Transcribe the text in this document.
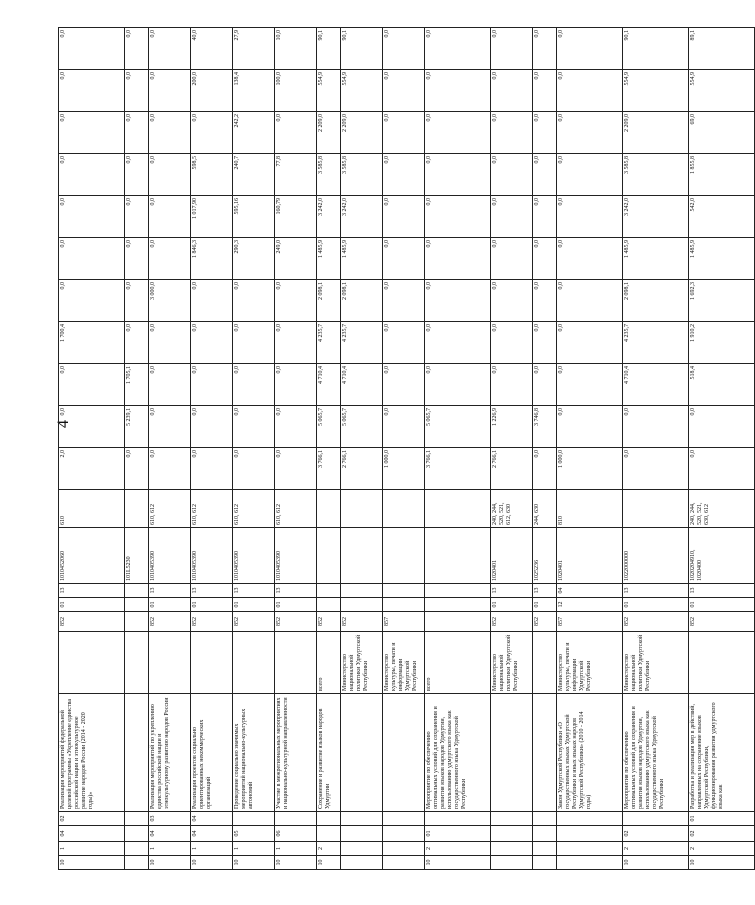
4
10	1	04	02	Реализация мероприятий федеральной целевой программы «Укрепление единства российской нации и этнокультурное развитие народов России (2014 - 2020 годы)»		852	01	13	1010452060	610	2,0	0,0	0,0	1 700,4	0,0	0,0	0,0	0,0	0,0	0,0	0,0
									101L5230		0,0	5 239,1	1 705,1	0,0	0,0	0,0	0,0	0,0	0,0	0,0	0,0
10	1	04	03	Реализация мероприятий по укреплению единства российской нации и этнокультурному развитию народов России		852	01	13	1010405390	610, 612	0,0	0,0	0,0	0,0	3 000,0	0,0	0,0	0,0	0,0	0,0	0,0
10	1	04	04	Реализация проектов социально ориентированных некоммерческих организаций		852	01	13	1010405390	610, 612	0,0	0,0	0,0	0,0	0,0	1 846,3	1 017,90	598,5	0,0	200,0	40,0
10	1	05		Проведение социально значимых мероприятий национально-культурных автономий		852	01	13	1010405390	610, 612	0,0	0,0	0,0	0,0	0,0	290,3	595,16	240,7	242,2	138,4	27,9
10	1	06		Участие в межрегиональных мероприятиях и национально-культурной направленности		852	01	13	1010405390	610, 612	0,0	0,0	0,0	0,0	0,0	249,0	160,79	77,8	0,0	100,0	10,0
10	2			Сохранение и развитие языков народов Удмуртии	всего	852					3 766,1	5 065,7	4 710,4	4 235,7	2 098,1	1 485,9	3 242,0	3 585,8	2 209,0	554,9	90,1
					Министерство национальной политики Удмуртской Республики	852					2 766,1	5 065,7	4 710,4	4 235,7	2 098,1	1 485,9	3 242,0	3 585,8	2 209,0	554,9	90,1
					Министерство культуры, печати и информации Удмуртской Республики	857					1 000,0	0,0	0,0	0,0	0,0	0,0	0,0	0,0	0,0	0,0	0,0
10	2	01		Мероприятие по обеспечению оптимальных условий для сохранения и развития языков народов Удмуртии, использованию удмуртского языка как государственного языка Удмуртской Республики	всего						3 766,1	5 065,7	0,0	0,0	0,0	0,0	0,0	0,0	0,0	0,0	0,0
					Министерство национальной политики Удмуртской Республики	852	01	13	1020401	240, 244, 520, 521, 612, 630	2 766,1	1 226,9	0,0	0,0	0,0	0,0	0,0	0,0	0,0	0,0	0,0
						852	01	13	1025236	244, 630	0,0	3 746,8	0,0	0,0	0,0	0,0	0,0	0,0	0,0	0,0	0,0
				Закон Удмуртской Республики «О государственных языках Удмуртской Республики и иных языках народов Удмуртской Республики» (2010 - 2014 годы)	Министерство культуры, печати и информации Удмуртской Республики	857	12	04	1020401	810	1 000,0	0,0	0,0	0,0	0,0	0,0	0,0	0,0	0,0	0,0	0,0
10	2	02		Мероприятия по обеспечению оптимальных условий для сохранения и развития языков народов Удмуртии, использованию удмуртского языка как государственного языка Удмуртской Республики	Министерство национальной политики Удмуртской Республики	852	01	13	1022000000		0,0	0,0	4 710,4	4 235,7	2 098,1	1 485,9	3 242,0	3 585,8	2 209,0	554,9	90,1
10	2	02	01	Разработка и реализация мер в действий, направленных на сохранение языков Удмуртской Республики, функционирования развития удмуртского языка как		852	01	13	1020204910, 1020400	240, 244, 520, 521, 630, 612	0,0	0,0	518,4	1 910,2	1 692,3	1 485,9	542,0	1 855,8	69,0	554,9	89,1
